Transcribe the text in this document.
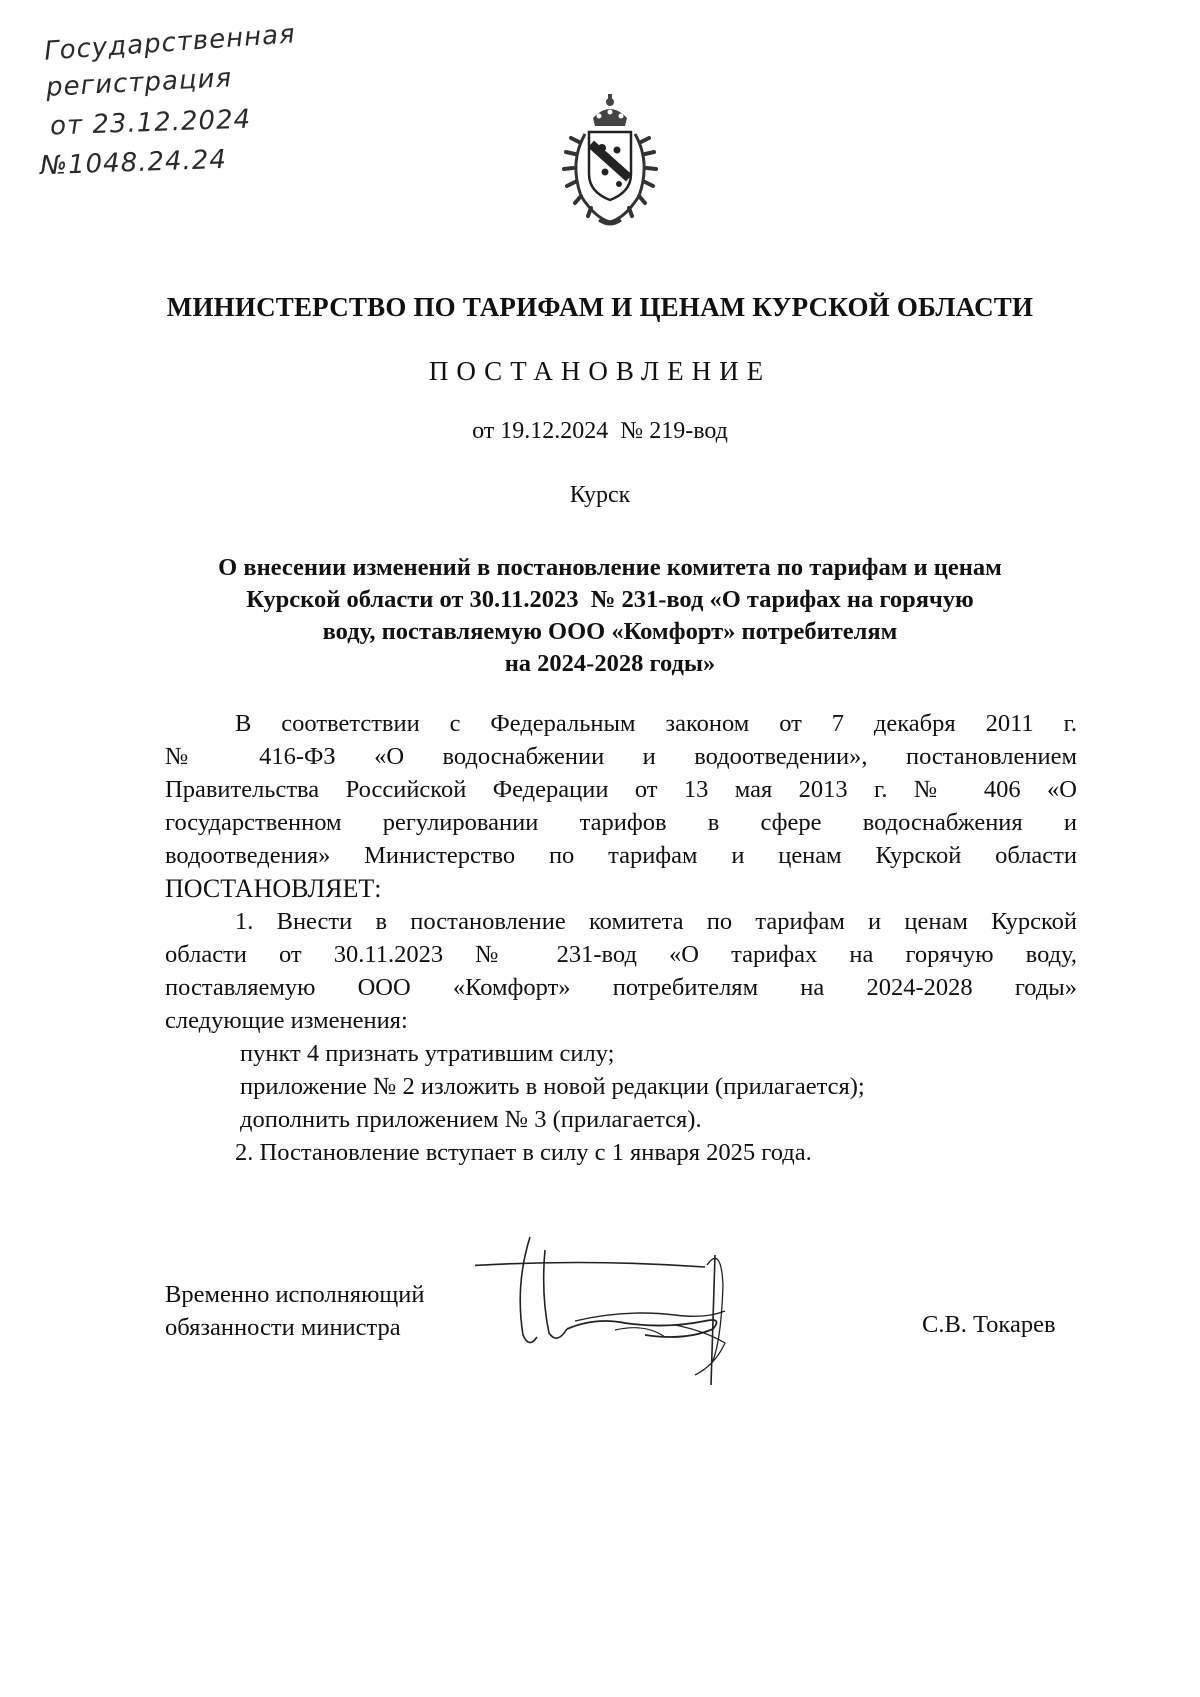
Государственная
регистрация
от 23.12.2024
№1048.24.24
МИНИСТЕРСТВО ПО ТАРИФАМ И ЦЕНАМ КУРСКОЙ ОБЛАСТИ
ПОСТАНОВЛЕНИЕ
от 19.12.2024  № 219-вод
Курск
О внесении изменений в постановление комитета по тарифам и ценам
Курской области от 30.11.2023  № 231-вод «О тарифах на горячую
воду, поставляемую ООО «Комфорт» потребителям
на 2024-2028 годы»
В соответствии с Федеральным законом от 7 декабря 2011 г.
№ 416-ФЗ «О водоснабжении и водоотведении», постановлением
Правительства Российской Федерации от 13 мая 2013 г. № 406 «О
государственном регулировании тарифов в сфере водоснабжения и
водоотведения» Министерство по тарифам и ценам Курской области
ПОСТАНОВЛЯЕТ:
1. Внести в постановление комитета по тарифам и ценам Курской
области от 30.11.2023 № 231-вод «О тарифах на горячую воду,
поставляемую ООО «Комфорт» потребителям на 2024-2028 годы»
следующие изменения:
пункт 4 признать утратившим силу;
приложение № 2 изложить в новой редакции (прилагается);
дополнить приложением № 3 (прилагается).
2. Постановление вступает в силу с 1 января 2025 года.
Временно исполняющий
обязанности министра	С.В. Токарев
